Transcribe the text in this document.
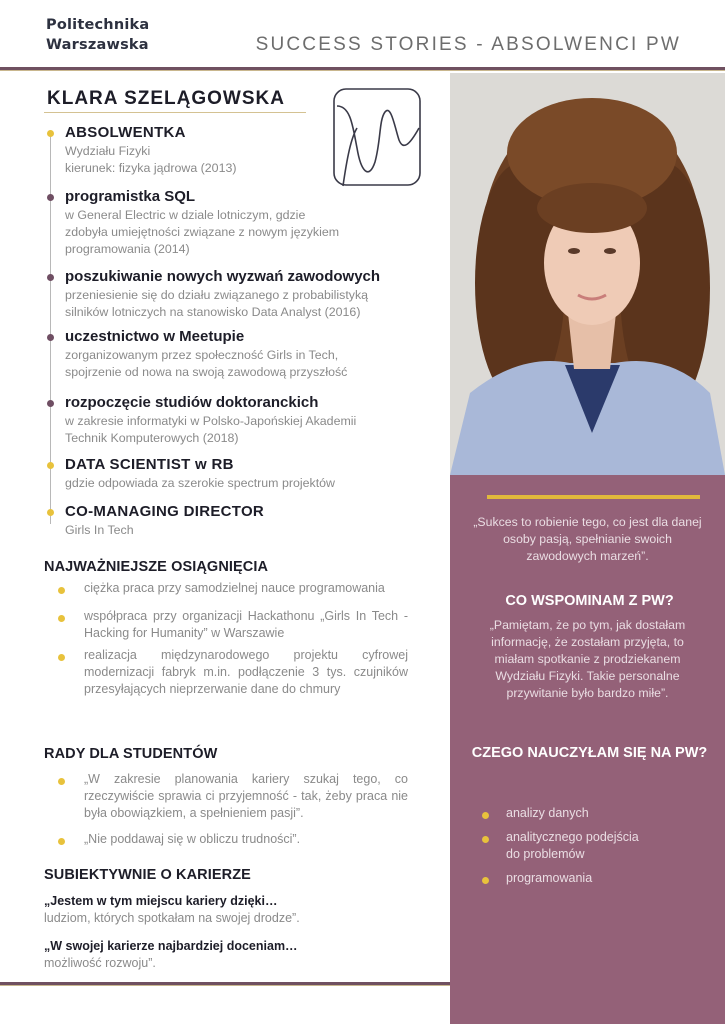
Politechnika
Warszawska	SUCCESS STORIES - ABSOLWENCI PW

„Sukces to robienie tego, co jest dla danej osoby pasją, spełnianie swoich zawodowych marzeń”.

CO WSPOMINAM Z PW?

„Pamiętam, że po tym, jak dostałam informację, że zostałam przyjęta, to miałam spotkanie z prodziekanem Wydziału Fizyki. Takie personalne przywitanie było bardzo miłe”.

CZEGO NAUCZYŁAM SIĘ NA PW?
analizy danych
analitycznego podejścia
do problemów
programowania
KLARA SZELĄGOWSKA
ABSOLWENTKA

Wydziału Fizyki
kierunek: fizyka jądrowa (2013)

programistka SQL

w General Electric w dziale lotniczym, gdzie
zdobyła umiejętności związane z nowym językiem
programowania (2014)

poszukiwanie nowych wyzwań zawodowych

przeniesienie się do działu związanego z probabilistyką
silników lotniczych na stanowisko Data Analyst (2016)

uczestnictwo w Meetupie

zorganizowanym przez społeczność Girls in Tech,
spojrzenie od nowa na swoją zawodową przyszłość

rozpoczęcie studiów doktoranckich

w zakresie informatyki w Polsko-Japońskiej Akademii
Technik Komputerowych (2018)

DATA SCIENTIST w RB

gdzie odpowiada za szerokie spectrum projektów

CO-MANAGING DIRECTOR

Girls In Tech

NAJWAŻNIEJSZE OSIĄGNIĘCIA
ciężka praca przy samodzielnej nauce programowania
współpraca przy organizacji Hackathonu „Girls In Tech - Hacking for Humanity” w Warszawie
realizacja międzynarodowego projektu cyfrowej modernizacji fabryk m.in. podłączenie 3 tys. czujników przesyłających nieprzerwanie dane do chmury
RADY DLA STUDENTÓW
„W zakresie planowania kariery szukaj tego, co rzeczywiście sprawia ci przyjemność - tak, żeby praca nie była obowiązkiem, a spełnieniem pasji”.
„Nie poddawaj się w obliczu trudności”.
SUBIEKTYWNIE O KARIERZE
„Jestem w tym miejscu kariery dzięki…
ludziom, których spotkałam na swojej drodze”.
„W swojej karierze najbardziej doceniam…
możliwość rozwoju”.
